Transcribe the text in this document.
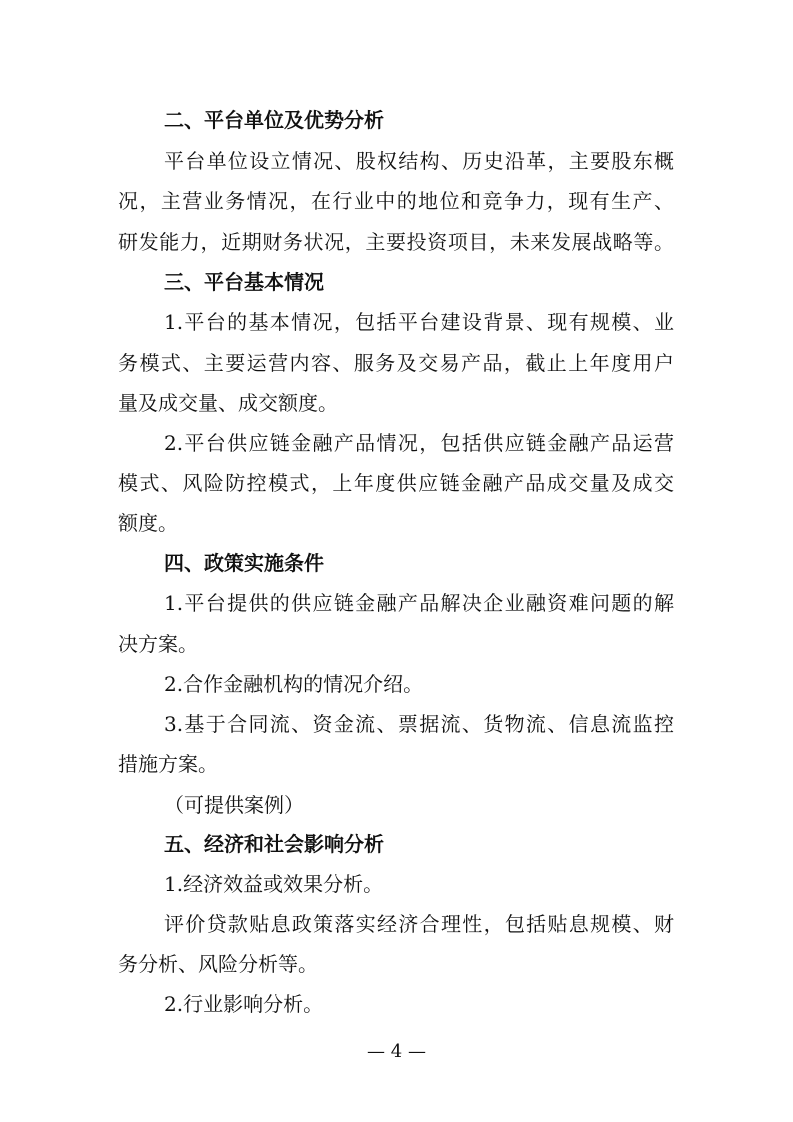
二、平台单位及优势分析
平台单位设立情况、股权结构、历史沿革，主要股东概
况，主营业务情况，在行业中的地位和竞争力，现有生产、
研发能力，近期财务状况，主要投资项目，未来发展战略等。
三、平台基本情况
1.平台的基本情况，包括平台建设背景、现有规模、业
务模式、主要运营内容、服务及交易产品，截止上年度用户
量及成交量、成交额度。
2.平台供应链金融产品情况，包括供应链金融产品运营
模式、风险防控模式，上年度供应链金融产品成交量及成交
额度。
四、政策实施条件
1.平台提供的供应链金融产品解决企业融资难问题的解
决方案。
2.合作金融机构的情况介绍。
3.基于合同流、资金流、票据流、货物流、信息流监控
措施方案。
（可提供案例）
五、经济和社会影响分析
1.经济效益或效果分析。
评价贷款贴息政策落实经济合理性，包括贴息规模、财
务分析、风险分析等。
2.行业影响分析。
— 4 —
